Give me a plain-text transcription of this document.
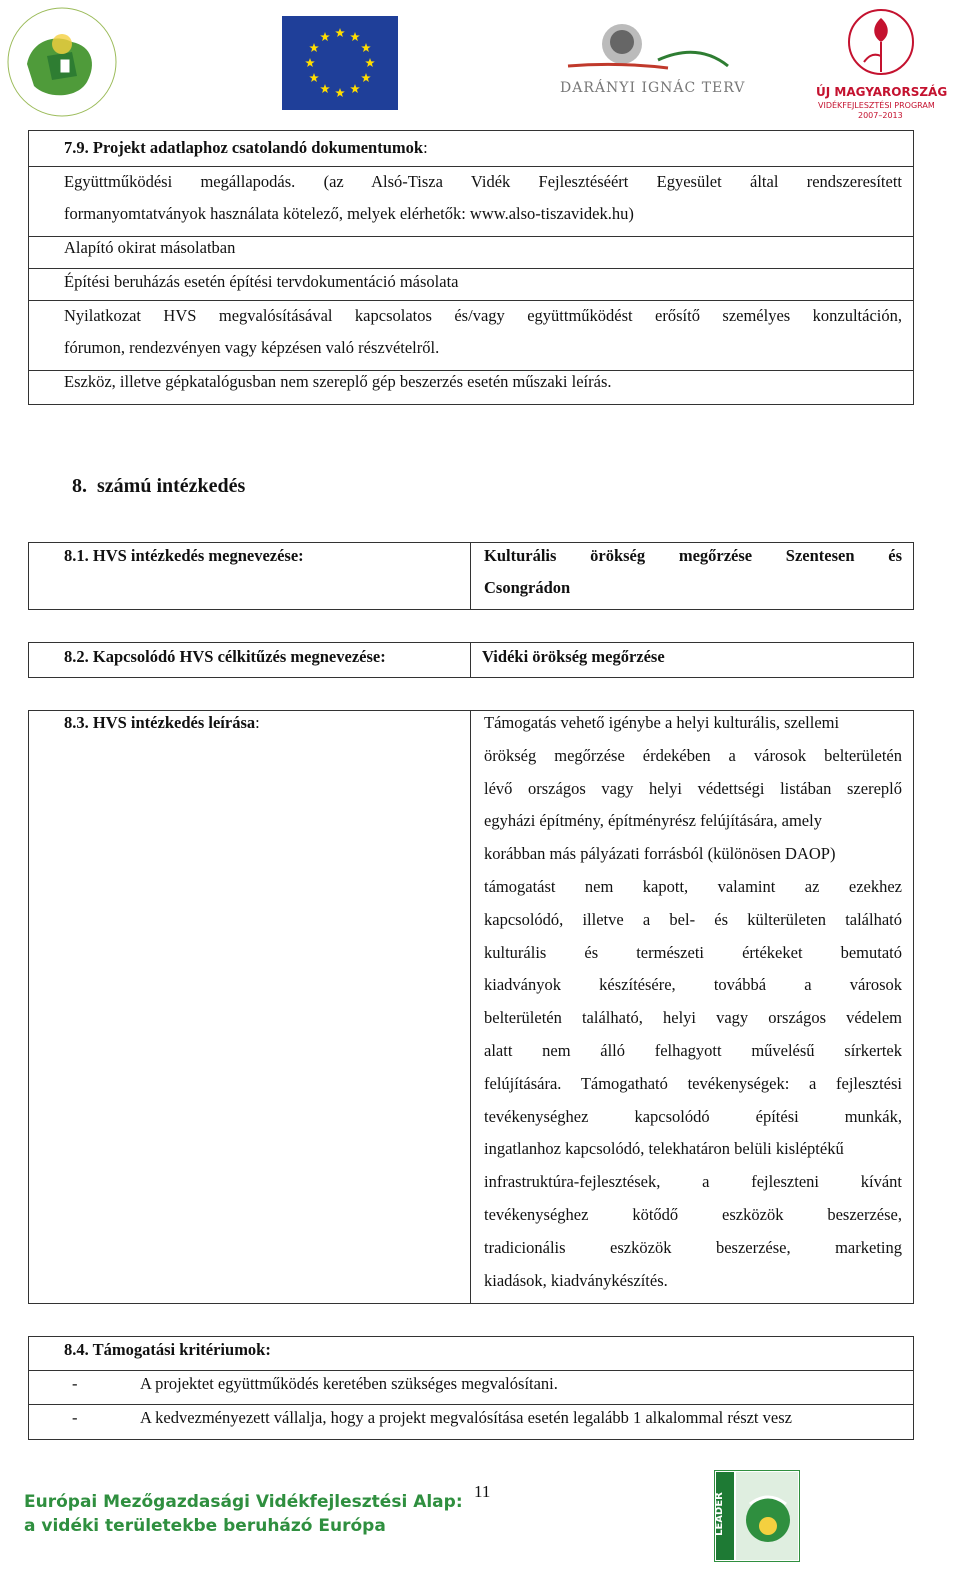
DARÁNYI IGNÁC TERV	ÚJ MAGYARORSZÁG
VIDÉKFEJLESZTÉSI PROGRAM
2007–2013
7.9. Projekt adatlaphoz csatolandó dokumentumok:
Együttműködési megállapodás. (az Alsó-Tisza Vidék Fejlesztéséért Egyesület által rendszeresített
formanyomtatványok használata kötelező, melyek elérhetők: www.also-tiszavidek.hu)
Alapító okirat másolatban
Építési beruházás esetén építési tervdokumentáció másolata
Nyilatkozat HVS megvalósításával kapcsolatos és/vagy együttműködést erősítő személyes konzultáción,
fórumon, rendezvényen vagy képzésen való részvételről.
Eszköz, illetve gépkatalógusban nem szereplő gép beszerzés esetén műszaki leírás.
8. számú intézkedés
8.1. HVS intézkedés megnevezése:	Kulturális örökség megőrzése Szentesen és
Csongrádon
8.2. Kapcsolódó HVS célkitűzés megnevezése:	Vidéki örökség megőrzése
8.3. HVS intézkedés leírása:	Támogatás vehető igénybe a helyi kulturális, szellemi
örökség megőrzése érdekében a városok belterületén
lévő országos vagy helyi védettségi listában szereplő
egyházi építmény, építményrész felújítására, amely
korábban más pályázati forrásból (különösen DAOP)
támogatást nem kapott, valamint az ezekhez
kapcsolódó, illetve a bel- és külterületen található
kulturális és természeti értékeket bemutató
kiadványok készítésére, továbbá a városok
belterületén található, helyi vagy országos védelem
alatt nem álló felhagyott művelésű sírkertek
felújítására. Támogatható tevékenységek: a fejlesztési
tevékenységhez kapcsolódó építési munkák,
ingatlanhoz kapcsolódó, telekhatáron belüli kisléptékű
infrastruktúra-fejlesztések, a fejleszteni kívánt
tevékenységhez kötődő eszközök beszerzése,
tradicionális eszközök beszerzése, marketing
kiadások, kiadványkészítés.
8.4. Támogatási kritériumok:
-	A projektet együttműködés keretében szükséges megvalósítani.
-	A kedvezményezett vállalja, hogy a projekt megvalósítása esetén legalább 1 alkalommal részt vesz
Európai Mezőgazdasági Vidékfejlesztési Alap:
a vidéki területekbe beruházó Európa
11
LEADER
